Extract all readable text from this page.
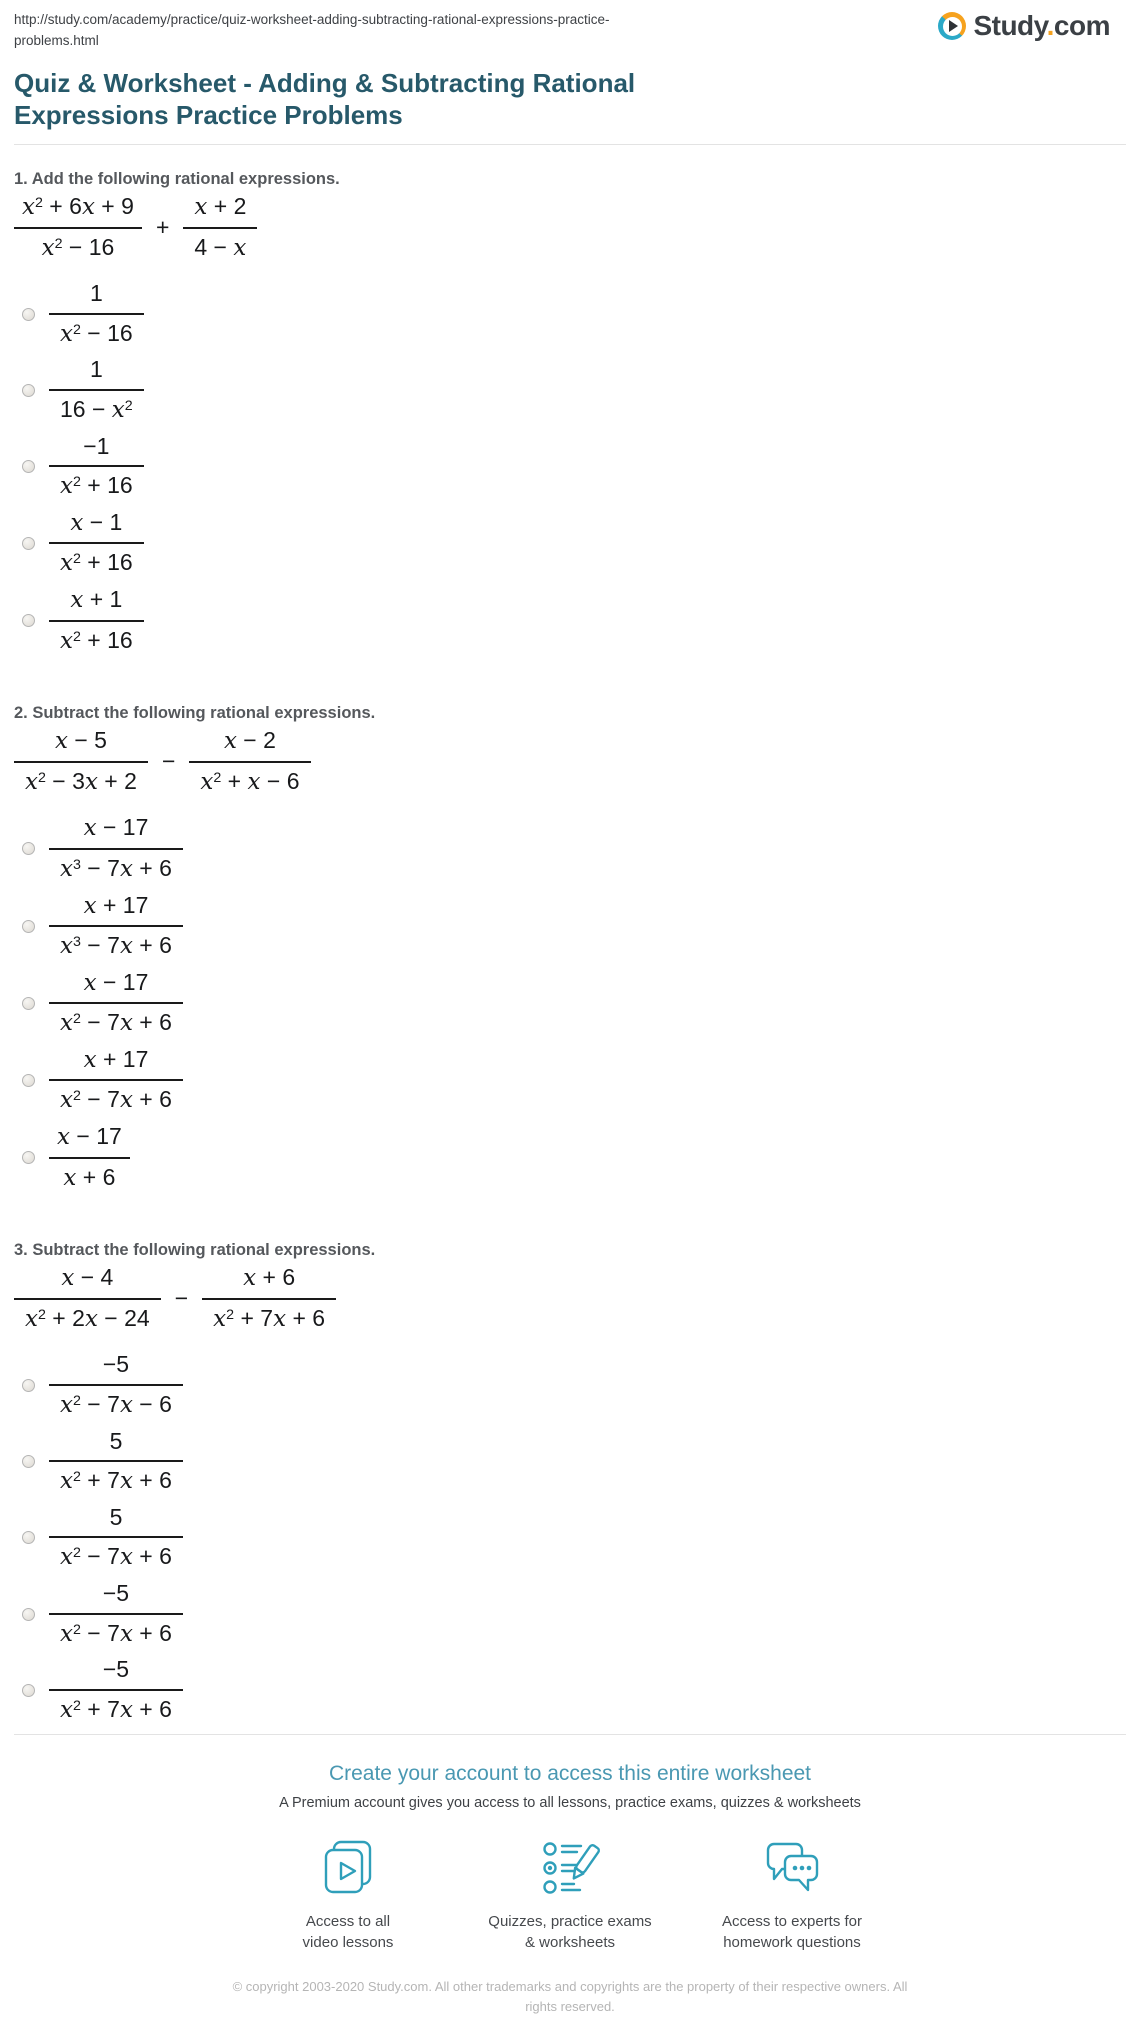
http://study.com/academy/practice/quiz-worksheet-adding-subtracting-rational-expressions-practice-
problems.html	Study.com
Quiz & Worksheet - Adding & Subtracting Rational
Expressions Practice Problems
1. Add the following rational expressions.
$\frac{x^2 + 6x + 9}{x^2 - 16} + \frac{x + 2}{4 - x}$
$\frac{1}{x^2 - 16}$
$\frac{1}{16 - x^2}$
$\frac{-1}{x^2 + 16}$
$\frac{x - 1}{x^2 + 16}$
$\frac{x + 1}{x^2 + 16}$
2. Subtract the following rational expressions.
$\frac{x - 5}{x^2 - 3x + 2} - \frac{x - 2}{x^2 + x - 6}$
$\frac{x - 17}{x^3 - 7x + 6}$
$\frac{x + 17}{x^3 - 7x + 6}$
$\frac{x - 17}{x^2 - 7x + 6}$
$\frac{x + 17}{x^2 - 7x + 6}$
$\frac{x - 17}{x + 6}$
3. Subtract the following rational expressions.
$\frac{x - 4}{x^2 + 2x - 24} - \frac{x + 6}{x^2 + 7x + 6}$
$\frac{-5}{x^2 - 7x - 6}$
$\frac{5}{x^2 + 7x + 6}$
$\frac{5}{x^2 - 7x + 6}$
$\frac{-5}{x^2 - 7x + 6}$
$\frac{-5}{x^2 + 7x + 6}$
Create your account to access this entire worksheet
A Premium account gives you access to all lessons, practice exams, quizzes & worksheets
Access to all
video lessons
Quizzes, practice exams
& worksheets
Access to experts for
homework questions
© copyright 2003-2020 Study.com. All other trademarks and copyrights are the property of their respective owners. All rights reserved.
